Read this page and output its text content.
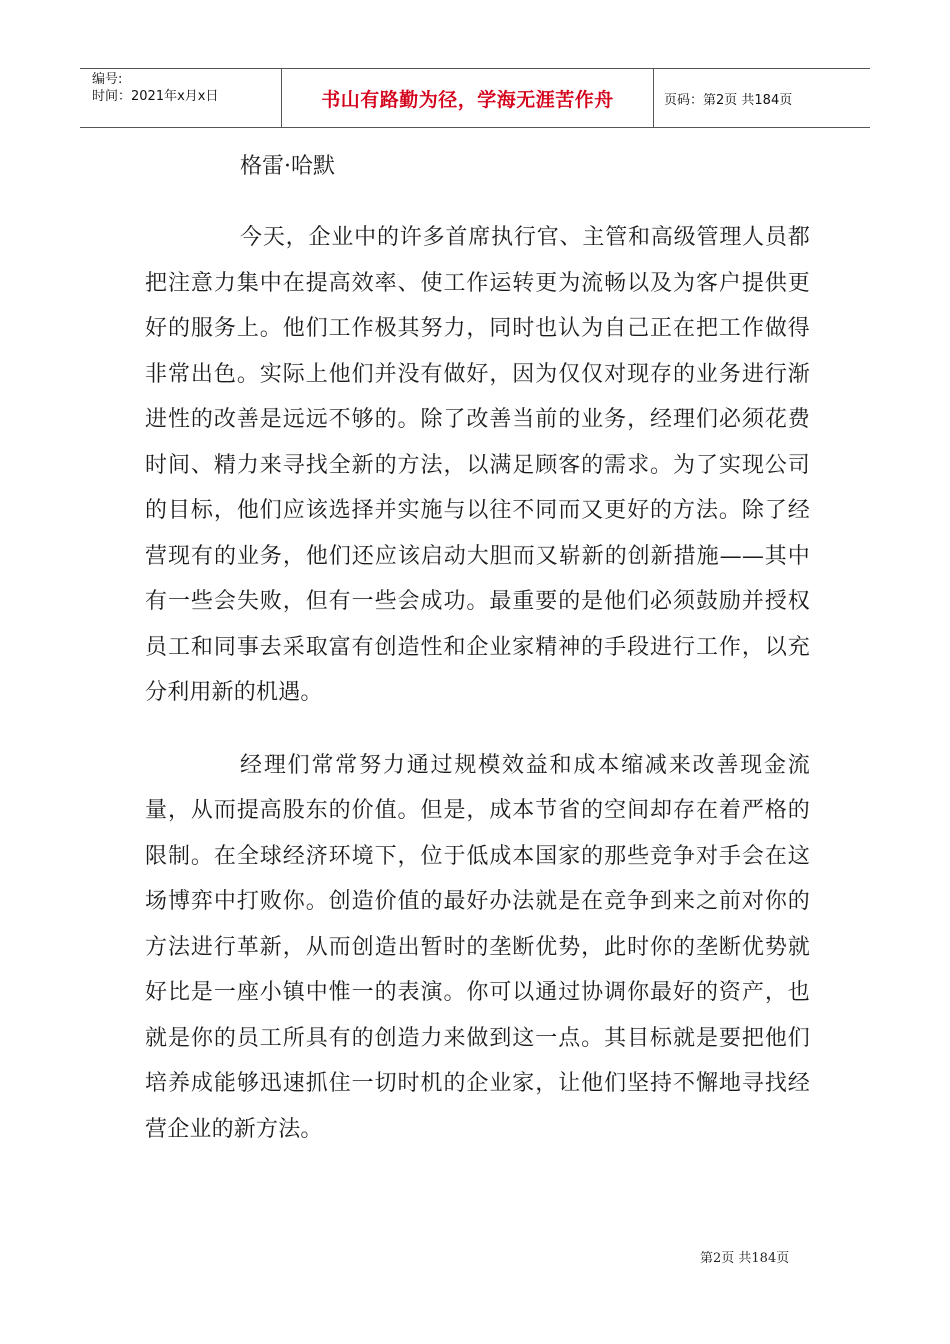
编号:
时间：2021年x月x日	书山有路勤为径，学海无涯苦作舟	页码：第2页 共184页
格雷·哈默

今天，企业中的许多首席执行官、主管和高级管理人员都把注意力集中在提高效率、使工作运转更为流畅以及为客户提供更好的服务上。他们工作极其努力，同时也认为自己正在把工作做得非常出色。实际上他们并没有做好，因为仅仅对现存的业务进行渐进性的改善是远远不够的。除了改善当前的业务，经理们必须花费时间、精力来寻找全新的方法，以满足顾客的需求。为了实现公司的目标，他们应该选择并实施与以往不同而又更好的方法。除了经营现有的业务，他们还应该启动大胆而又崭新的创新措施——其中有一些会失败，但有一些会成功。最重要的是他们必须鼓励并授权员工和同事去采取富有创造性和企业家精神的手段进行工作，以充分利用新的机遇。

经理们常常努力通过规模效益和成本缩减来改善现金流量，从而提高股东的价值。但是，成本节省的空间却存在着严格的限制。在全球经济环境下，位于低成本国家的那些竞争对手会在这场博弈中打败你。创造价值的最好办法就是在竞争到来之前对你的方法进行革新，从而创造出暂时的垄断优势，此时你的垄断优势就好比是一座小镇中惟一的表演。你可以通过协调你最好的资产，也就是你的员工所具有的创造力来做到这一点。其目标就是要把他们培养成能够迅速抓住一切时机的企业家，让他们坚持不懈地寻找经营企业的新方法。

第2页 共184页
